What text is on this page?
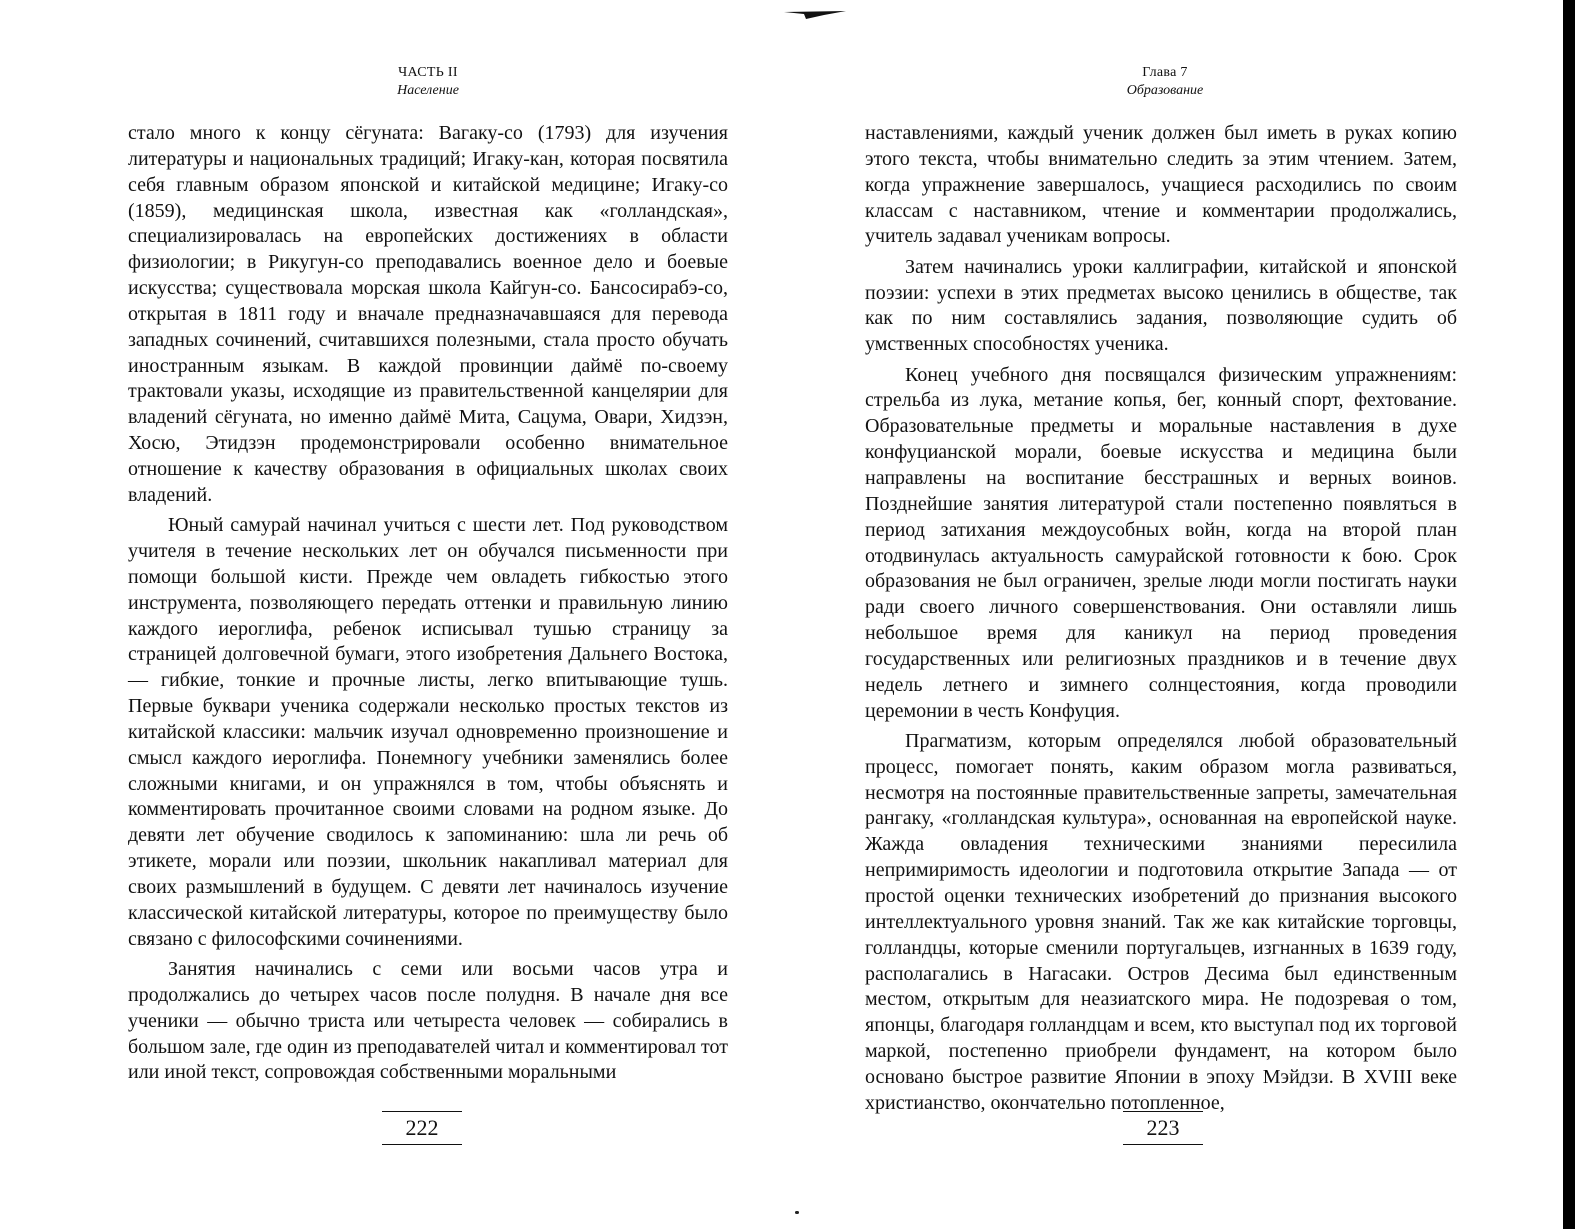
ЧАСТЬ II
Население

стало много к концу сёгуната: Вагаку-со (1793) для изучения литературы и национальных традиций; Игаку-кан, которая посвятила себя главным образом японской и китайской медицине; Игаку-со (1859), медицинская школа, известная как «голландская», специализировалась на европейских достижениях в области физиологии; в Рикугун-со преподавались военное дело и боевые искусства; существовала морская школа Кайгун-со. Бансосирабэ-со, открытая в 1811 году и вначале предназначавшаяся для перевода западных сочинений, считавшихся полезными, стала просто обучать иностранным языкам. В каждой провинции даймё по-своему трактовали указы, исходящие из правительственной канцелярии для владений сёгуната, но именно даймё Мита, Сацума, Овари, Хидзэн, Хосю, Этидзэн продемонстрировали особенно внимательное отношение к качеству образования в официальных школах своих владений.

Юный самурай начинал учиться с шести лет. Под руководством учителя в течение нескольких лет он обучался письменности при помощи большой кисти. Прежде чем овладеть гибкостью этого инструмента, позволяющего передать оттенки и правильную линию каждого иероглифа, ребенок исписывал тушью страницу за страницей долговечной бумаги, этого изобретения Дальнего Востока, — гибкие, тонкие и прочные листы, легко впитывающие тушь. Первые буквари ученика содержали несколько простых текстов из китайской классики: мальчик изучал одновременно произношение и смысл каждого иероглифа. Понемногу учебники заменялись более сложными книгами, и он упражнялся в том, чтобы объяснять и комментировать прочитанное своими словами на родном языке. До девяти лет обучение сводилось к запоминанию: шла ли речь об этикете, морали или поэзии, школьник накапливал материал для своих размышлений в будущем. С девяти лет начиналось изучение классической китайской литературы, которое по преимуществу было связано с философскими сочинениями.

Занятия начинались с семи или восьми часов утра и продолжались до четырех часов после полудня. В начале дня все ученики — обычно триста или четыреста человек — собирались в большом зале, где один из преподавателей читал и комментировал тот или иной текст, сопровождая собственными моральными

222
Глава 7
Образование

наставлениями, каждый ученик должен был иметь в руках копию этого текста, чтобы внимательно следить за этим чтением. Затем, когда упражнение завершалось, учащиеся расходились по своим классам с наставником, чтение и комментарии продолжались, учитель задавал ученикам вопросы.

Затем начинались уроки каллиграфии, китайской и японской поэзии: успехи в этих предметах высоко ценились в обществе, так как по ним составлялись задания, позволяющие судить об умственных способностях ученика.

Конец учебного дня посвящался физическим упражнениям: стрельба из лука, метание копья, бег, конный спорт, фехтование. Образовательные предметы и моральные наставления в духе конфуцианской морали, боевые искусства и медицина были направлены на воспитание бесстрашных и верных воинов. Позднейшие занятия литературой стали постепенно появляться в период затихания междоусобных войн, когда на второй план отодвинулась актуальность самурайской готовности к бою. Срок образования не был ограничен, зрелые люди могли постигать науки ради своего личного совершенствования. Они оставляли лишь небольшое время для каникул на период проведения государственных или религиозных праздников и в течение двух недель летнего и зимнего солнцестояния, когда проводили церемонии в честь Конфуция.

Прагматизм, которым определялся любой образовательный процесс, помогает понять, каким образом могла развиваться, несмотря на постоянные правительственные запреты, замечательная рангаку, «голландская культура», основанная на европейской науке. Жажда овладения техническими знаниями пересилила непримиримость идеологии и подготовила открытие Запада — от простой оценки технических изобретений до признания высокого интеллектуального уровня знаний. Так же как китайские торговцы, голландцы, которые сменили португальцев, изгнанных в 1639 году, располагались в Нагасаки. Остров Десима был единственным местом, открытым для неазиатского мира. Не подозревая о том, японцы, благодаря голландцам и всем, кто выступал под их торговой маркой, постепенно приобрели фундамент, на котором было основано быстрое развитие Японии в эпоху Мэйдзи. В XVIII веке христианство, окончательно потопленное,

223
